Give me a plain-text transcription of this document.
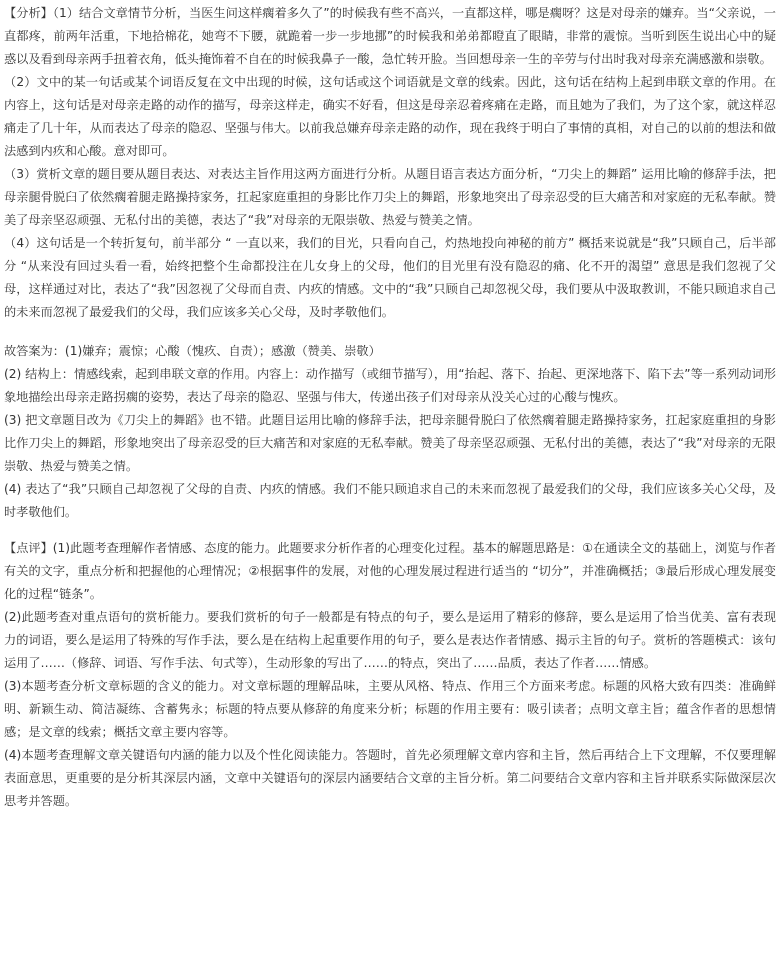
【分析】（1）结合文章情节分析，当医生问这样瘸着多久了”的时候我有些不高兴，一直都这样，哪是瘸呀？这是对母亲的嫌弃。当“父亲说，一直都疼，前两年活重，下地拾棉花，她弯不下腰，就跪着一步一步地挪”的时候我和弟弟都瞪直了眼睛，非常的震惊。当听到医生说出心中的疑惑以及看到母亲两手扭着衣角，低头掩饰着不自在的时候我鼻子一酸，急忙转开脸。当回想母亲一生的辛劳与付出时我对母亲充满感激和崇敬。

（2）文中的某一句话或某个词语反复在文中出现的时候，这句话或这个词语就是文章的线索。因此，这句话在结构上起到串联文章的作用。在内容上，这句话是对母亲走路的动作的描写，母亲这样走，确实不好看，但这是母亲忍着疼痛在走路，而且她为了我们，为了这个家，就这样忍痛走了几十年，从而表达了母亲的隐忍、坚强与伟大。以前我总嫌弃母亲走路的动作，现在我终于明白了事情的真相，对自己的以前的想法和做法感到内疚和心酸。意对即可。

（3）赏析文章的题目要从题目表达、对表达主旨作用这两方面进行分析。从题目语言表达方面分析，“刀尖上的舞蹈” 运用比喻的修辞手法，把母亲腿骨脱臼了依然瘸着腿走路操持家务，扛起家庭重担的身影比作刀尖上的舞蹈，形象地突出了母亲忍受的巨大痛苦和对家庭的无私奉献。赞美了母亲坚忍顽强、无私付出的美德，表达了“我”对母亲的无限崇敬、热爱与赞美之情。

（4）这句话是一个转折复句，前半部分 “ 一直以来，我们的目光，只看向自己，灼热地投向神秘的前方” 概括来说就是“我”只顾自己，后半部分 “从来没有回过头看一看，始终把整个生命都投注在儿女身上的父母，他们的目光里有没有隐忍的痛、化不开的渴望” 意思是我们忽视了父母，这样通过对比，表达了“我”因忽视了父母而自责、内疚的情感。文中的“我”只顾自己却忽视父母，我们要从中汲取教训，不能只顾追求自己的未来而忽视了最爱我们的父母，我们应该多关心父母，及时孝敬他们。

故答案为：(1)嫌弃；震惊；心酸（愧疚、自责）；感激（赞美、崇敬）

(2) 结构上：情感线索，起到串联文章的作用。内容上：动作描写（或细节描写），用“抬起、落下、抬起、更深地落下、陷下去”等一系列动词形象地描绘出母亲走路拐瘸的姿势，表达了母亲的隐忍、坚强与伟大，传递出孩子们对母亲从没关心过的心酸与愧疚。

(3) 把文章题目改为《刀尖上的舞蹈》也不错。此题目运用比喻的修辞手法，把母亲腿骨脱臼了依然瘸着腿走路操持家务，扛起家庭重担的身影比作刀尖上的舞蹈，形象地突出了母亲忍受的巨大痛苦和对家庭的无私奉献。赞美了母亲坚忍顽强、无私付出的美德，表达了“我”对母亲的无限崇敬、热爱与赞美之情。

(4) 表达了“我”只顾自己却忽视了父母的自责、内疚的情感。我们不能只顾追求自己的未来而忽视了最爱我们的父母，我们应该多关心父母，及时孝敬他们。

【点评】(1)此题考查理解作者情感、态度的能力。此题要求分析作者的心理变化过程。基本的解题思路是：①在通读全文的基础上，浏览与作者有关的文字，重点分析和把握他的心理情况；②根据事件的发展，对他的心理发展过程进行适当的 “切分”，并准确概括；③最后形成心理发展变化的过程“链条”。

(2)此题考查对重点语句的赏析能力。要我们赏析的句子一般都是有特点的句子，要么是运用了精彩的修辞，要么是运用了恰当优美、富有表现力的词语，要么是运用了特殊的写作手法，要么是在结构上起重要作用的句子，要么是表达作者情感、揭示主旨的句子。赏析的答题模式：该句运用了……（修辞、词语、写作手法、句式等），生动形象的写出了……的特点，突出了……品质，表达了作者……情感。

(3)本题考查分析文章标题的含义的能力。对文章标题的理解品味，主要从风格、特点、作用三个方面来考虑。标题的风格大致有四类：准确鲜明、新颖生动、简洁凝练、含蓄隽永；标题的特点要从修辞的角度来分析；标题的作用主要有：吸引读者；点明文章主旨；蕴含作者的思想情感；是文章的线索；概括文章主要内容等。

(4)本题考查理解文章关键语句内涵的能力以及个性化阅读能力。答题时，首先必须理解文章内容和主旨，然后再结合上下文理解，不仅要理解表面意思，更重要的是分析其深层内涵，文章中关键语句的深层内涵要结合文章的主旨分析。第二问要结合文章内容和主旨并联系实际做深层次思考并答题。
